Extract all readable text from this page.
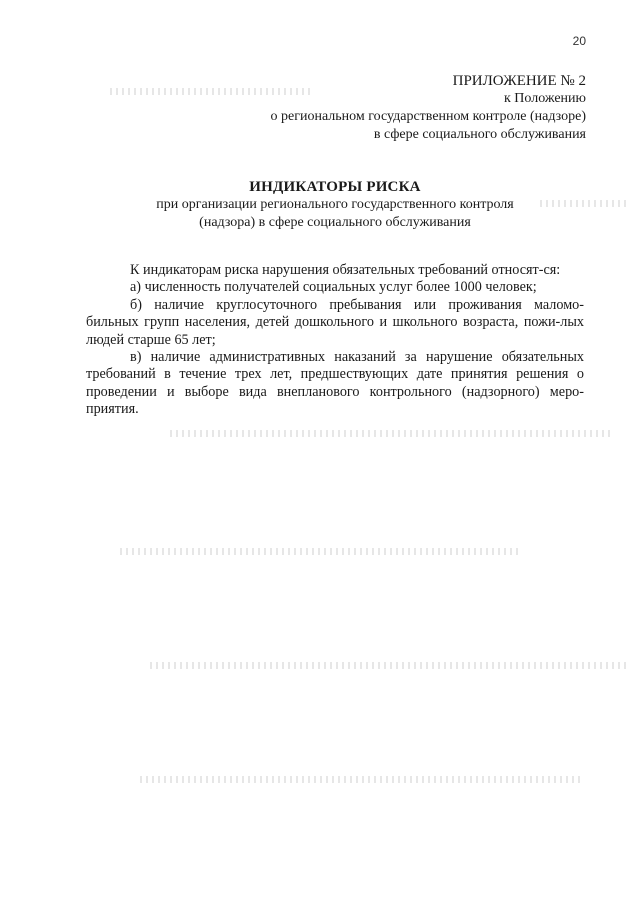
20
ПРИЛОЖЕНИЕ № 2
к Положению
о региональном государственном контроле (надзоре)
в сфере социального обслуживания
ИНДИКАТОРЫ РИСКА
при организации регионального государственного контроля
(надзора) в сфере социального обслуживания

К индикаторам риска нарушения обязательных требований относят-ся:

а) численность получателей социальных услуг более 1000 человек;

б) наличие круглосуточного пребывания или проживания маломо-бильных групп населения, детей дошкольного и школьного возраста, пожи-лых людей старше 65 лет;

в) наличие административных наказаний за нарушение обязательных требований в течение трех лет, предшествующих дате принятия решения о проведении и выборе вида внепланового контрольного (надзорного) меро-приятия.
